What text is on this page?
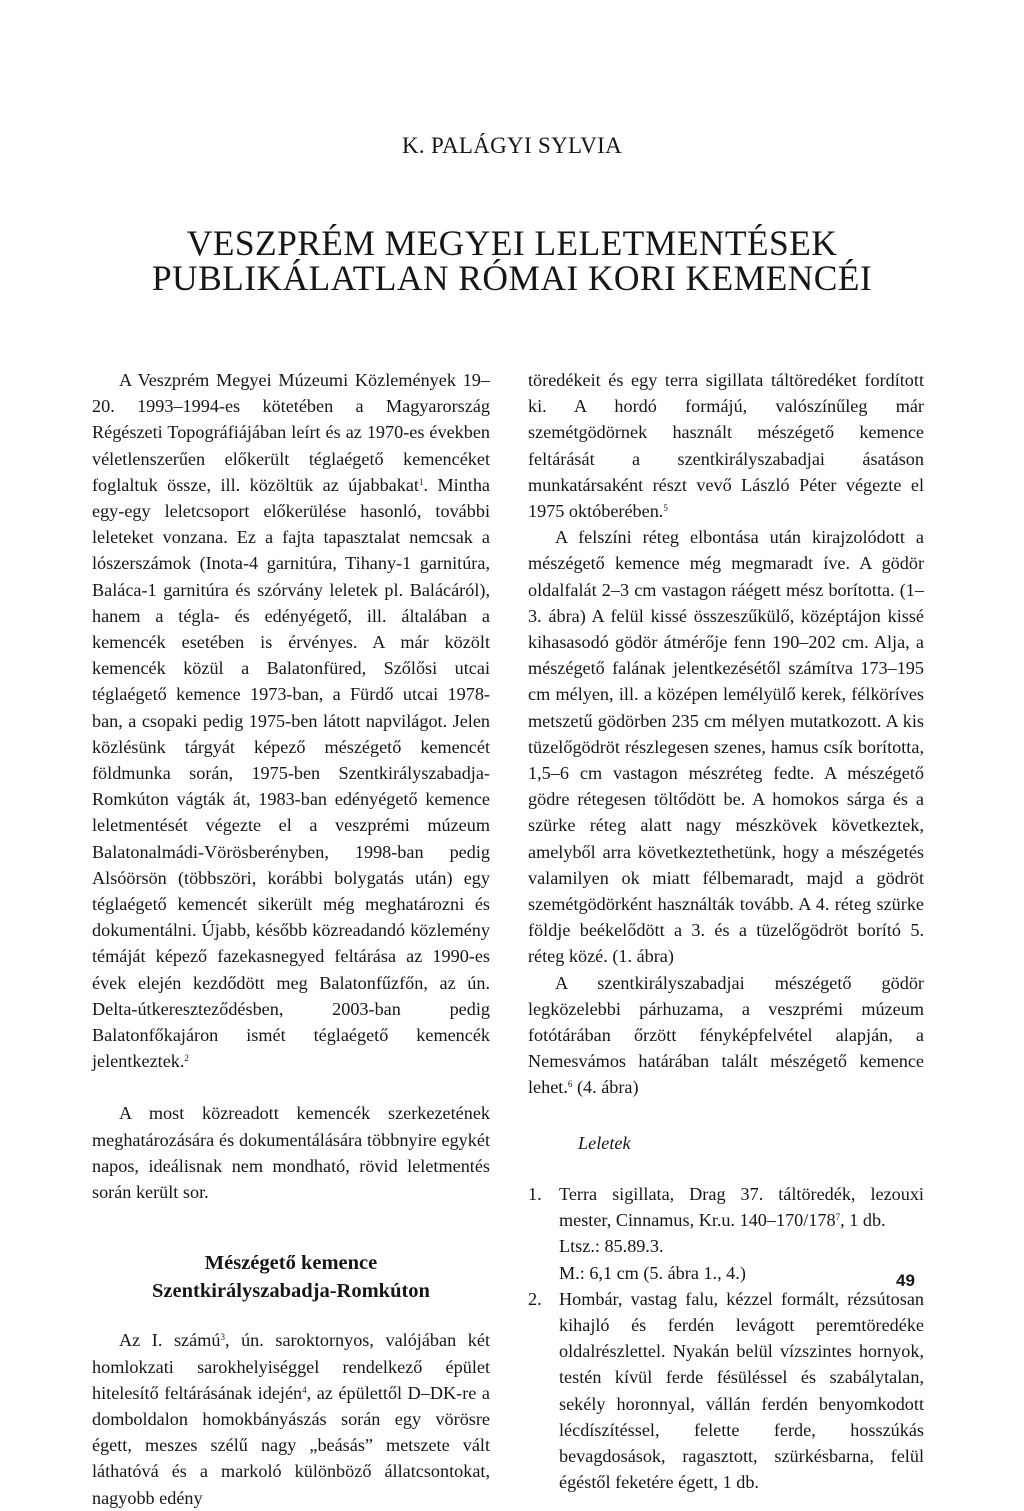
K. PALÁGYI SYLVIA
VESZPRÉM MEGYEI LELETMENTÉSEK
PUBLIKÁLATLAN RÓMAI KORI KEMENCÉI

A Veszprém Megyei Múzeumi Közlemények 19–20. 1993–1994-es kötetében a Magyarország Régészeti Topográfiájában leírt és az 1970-es években véletlenszerűen előkerült téglaégető kemencéket foglaltuk össze, ill. közöltük az újabbakat$^1$. Mintha egy-egy leletcsoport előkerülése hasonló, további leleteket vonzana. Ez a fajta tapasztalat nemcsak a lószerszámok (Inota-4 garnitúra, Tihany-1 garnitúra, Baláca-1 garnitúra és szórvány leletek pl. Balácáról), hanem a tégla- és edényégető, ill. általában a kemencék esetében is érvényes. A már közölt kemencék közül a Balatonfüred, Szőlősi utcai téglaégető kemence 1973-ban, a Fürdő utcai 1978-ban, a csopaki pedig 1975-ben látott napvilágot. Jelen közlésünk tárgyát képező mészégető kemencét földmunka során, 1975-ben Szentkirályszabadja-Romkúton vágták át, 1983-ban edényégető kemence leletmentését végezte el a veszprémi múzeum Balatonalmádi-Vörösberényben, 1998-ban pedig Alsóörsön (többszöri, korábbi bolygatás után) egy téglaégető kemencét sikerült még meghatározni és dokumentálni. Újabb, később közreadandó közlemény témáját képező fazekasnegyed feltárása az 1990-es évek elején kezdődött meg Balatonfűzfőn, az ún. Delta-útkereszteződésben, 2003-ban pedig Balatonfőkajáron ismét téglaégető kemencék jelentkeztek.$^2$

A most közreadott kemencék szerkezetének meghatározására és dokumentálására többnyire egykét napos, ideálisnak nem mondható, rövid leletmentés során került sor.

Mészégető kemence
Szentkirályszabadja-Romkúton

Az I. számú$^3$, ún. saroktornyos, valójában két homlokzati sarokhelyiséggel rendelkező épület hitelesítő feltárásának idején$^4$, az épülettől D–DK-re a dombоldalon homokbányászás során egy vörösre égett, meszes szélű nagy „beásás” metszete vált láthatóvá és a markoló különböző állatcsontokat, nagyobb edény

töredékeit és egy terra sigillata táltöredéket fordított ki. A hordó formájú, valószínűleg már szemétgödörnek használt mészégető kemence feltárását a szentkirályszabadjai ásatáson munkatársaként részt vevő László Péter végezte el 1975 októberében.$^5$

A felszíni réteg elbontása után kirajzolódott a mészégető kemence még megmaradt íve. A gödör oldalfalát 2–3 cm vastagon ráégett mész borította. (1–3. ábra) A felül kissé összeszűkülő, középtájon kissé kihasasodó gödör átmérője fenn 190–202 cm. Alja, a mészégető falának jelentkezésétől számítva 173–195 cm mélyen, ill. a középen lemélyülő kerek, félköríves metszetű gödörben 235 cm mélyen mutatkozott. A kis tüzelőgödröt részlegesen szenes, hamus csík borította, 1,5–6 cm vastagon mészréteg fedte. A mészégető gödre rétegesen töltődött be. A homokos sárga és a szürke réteg alatt nagy mészkövek következtek, amelyből arra következtethetünk, hogy a mészégetés valamilyen ok miatt félbemaradt, majd a gödröt szemétgödörként használták tovább. A 4. réteg szürke földje beékelődött a 3. és a tüzelőgödröt borító 5. réteg közé. (1. ábra)

A szentkirályszabadjai mészégető gödör legközelebbi párhuzama, a veszprémi múzeum fotótárában őrzött fényképfelvétel alapján, a Nemesvámos határában talált mészégető kemence lehet.$^6$ (4. ábra)

Leletek
1. Terra sigillata, Drag 37. táltöredék, lezouxi mester, Cinnamus, Kr.u. $140-170/178^7$, 1 db.
Ltsz.: 85.89.3.
M.: 6,1 cm (5. ábra 1., 4.)
2. Hombár, vastag falu, kézzel formált, rézsútosan kihajló és ferdén levágott peremtöredéke oldalrészlettel. Nyakán belül vízszintes hornyok, testén kívül ferde fésüléssel és szabálytalan, sekély horonnyal, vállán ferdén benyomkodott lécdíszítéssel, felette ferde, hosszúkás bevagdosások, ragasztott, szürkésbarna, felül égéstől feketére égett, 1 db.
49
